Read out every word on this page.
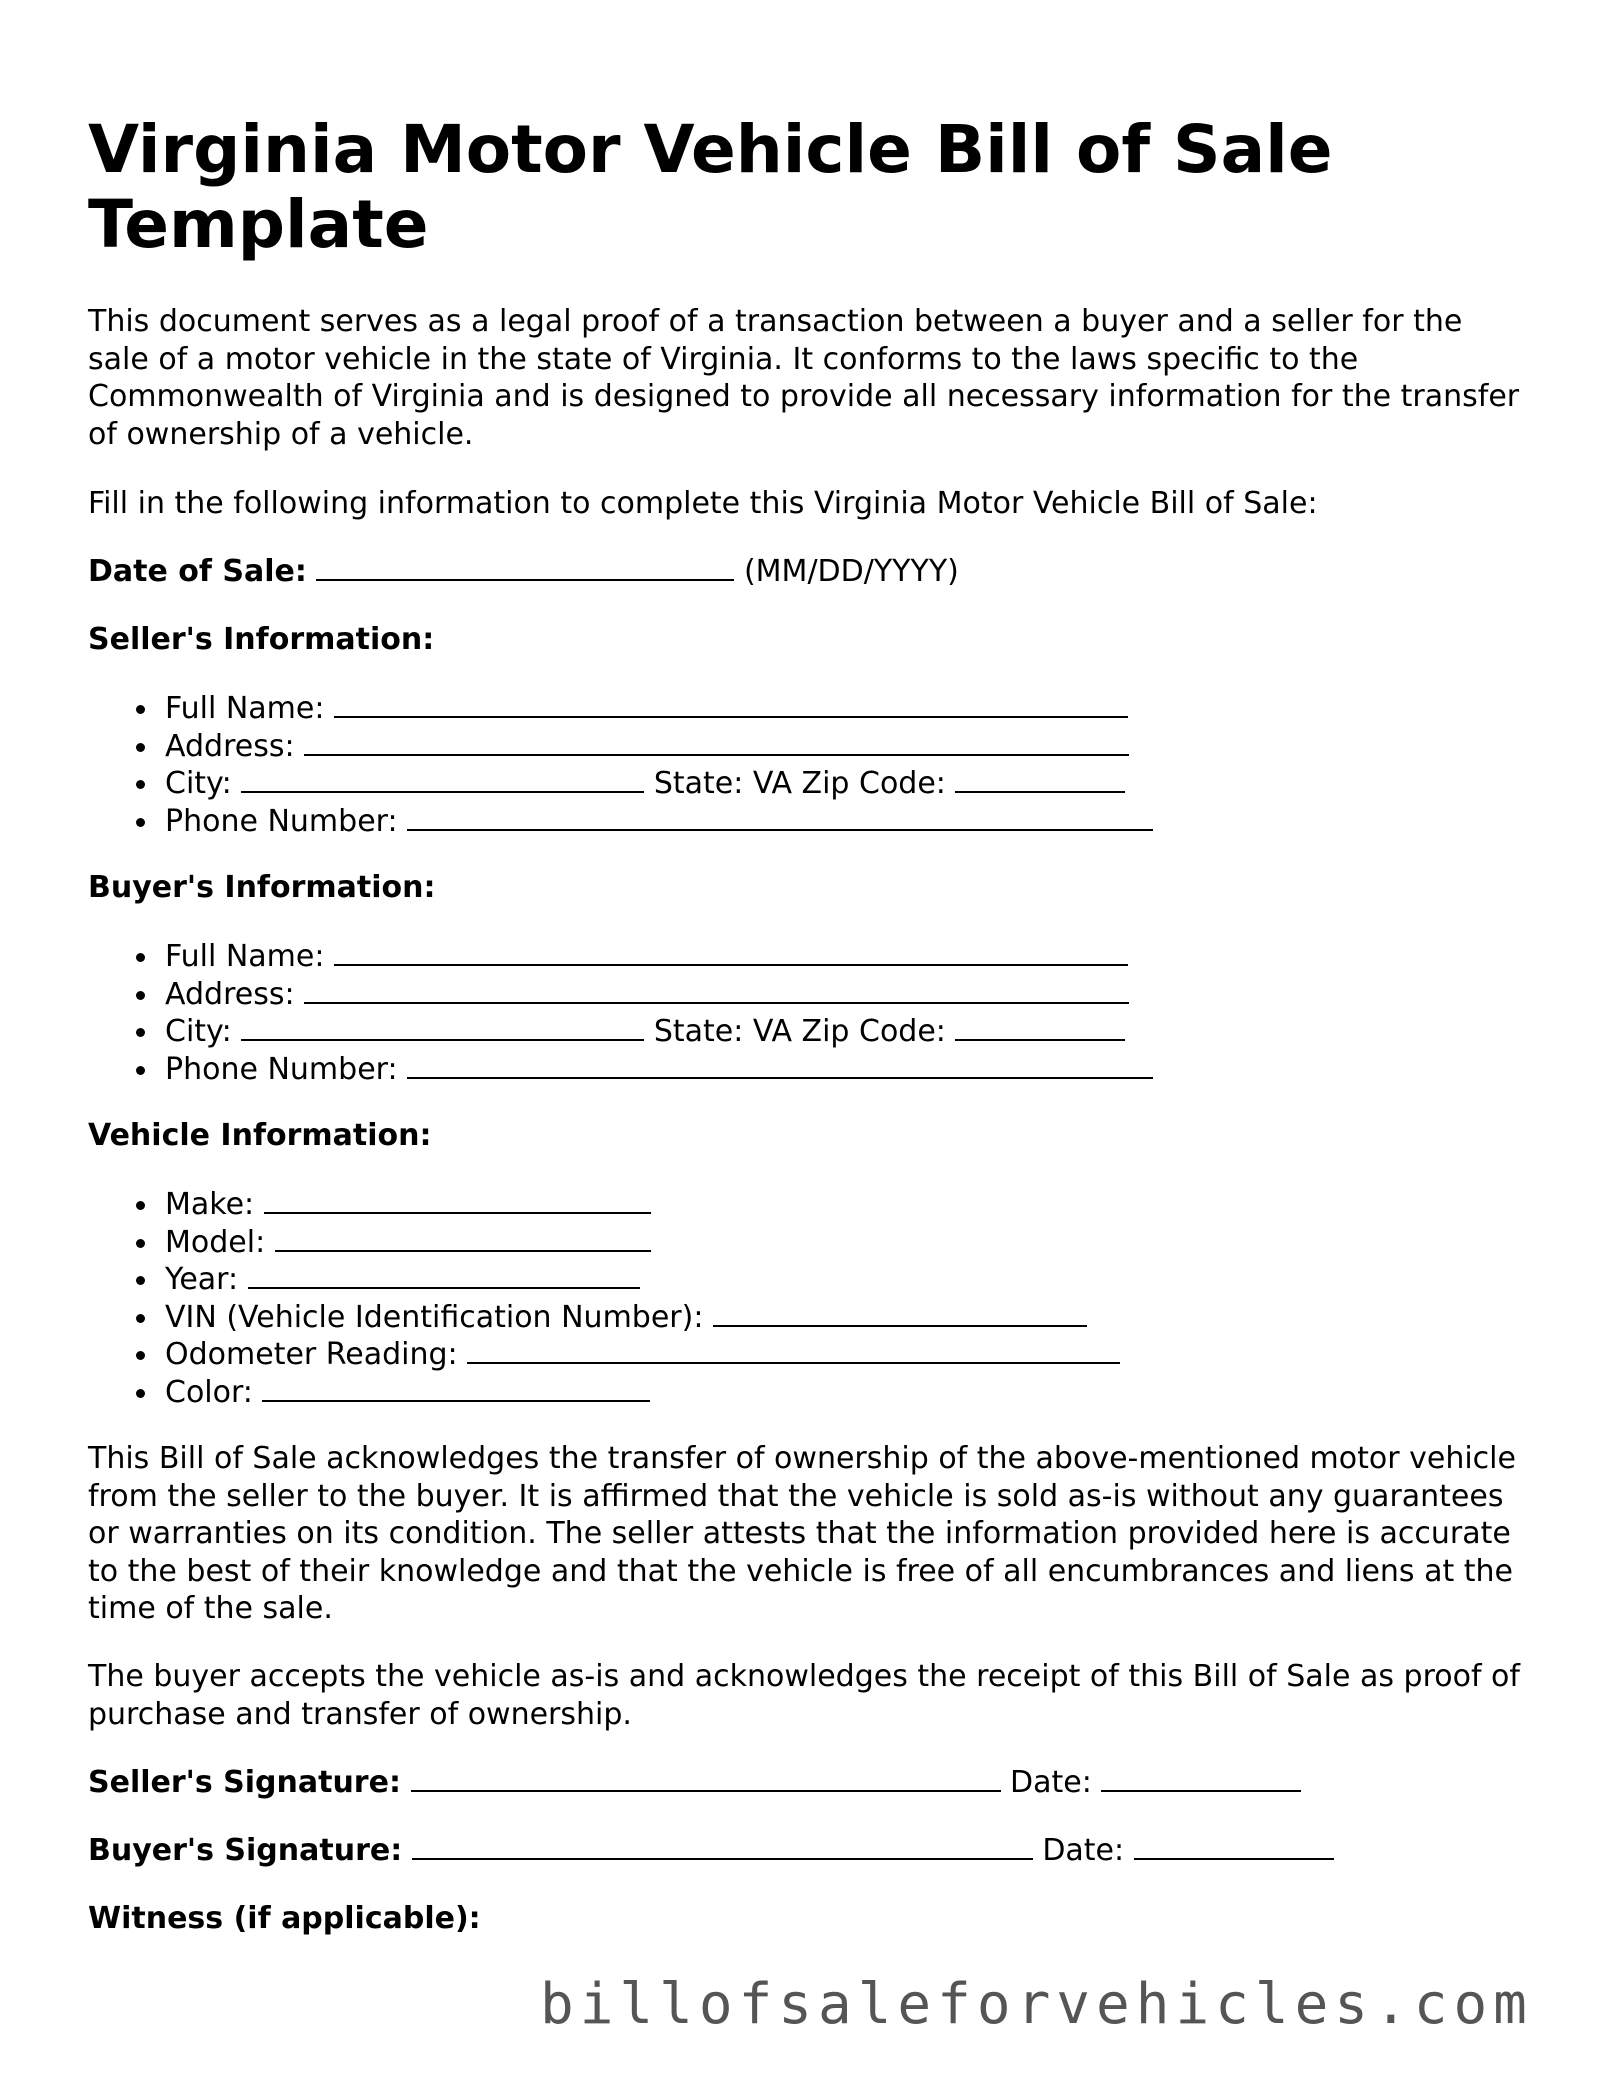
Virginia Motor Vehicle Bill of Sale Template

This document serves as a legal proof of a transaction between a buyer and a seller for the sale of a motor vehicle in the state of Virginia. It conforms to the laws specific to the Commonwealth of Virginia and is designed to provide all necessary information for the transfer of ownership of a vehicle.

Fill in the following information to complete this Virginia Motor Vehicle Bill of Sale:

Date of Sale:	(MM/DD/YYYY)
Seller's Information:
Full Name:
Address:
City:	State: VA Zip Code:
Phone Number:
Buyer's Information:
Full Name:
Address:
City:	State: VA Zip Code:
Phone Number:
Vehicle Information:
Make:
Model:
Year:
VIN (Vehicle Identification Number):
Odometer Reading:
Color:

This Bill of Sale acknowledges the transfer of ownership of the above-mentioned motor vehicle from the seller to the buyer. It is affirmed that the vehicle is sold as-is without any guarantees or warranties on its condition. The seller attests that the information provided here is accurate to the best of their knowledge and that the vehicle is free of all encumbrances and liens at the time of the sale.

The buyer accepts the vehicle as-is and acknowledges the receipt of this Bill of Sale as proof of purchase and transfer of ownership.

Seller's Signature:	Date:
Buyer's Signature:	Date:
Witness (if applicable):
billofsaleforvehicles.com
